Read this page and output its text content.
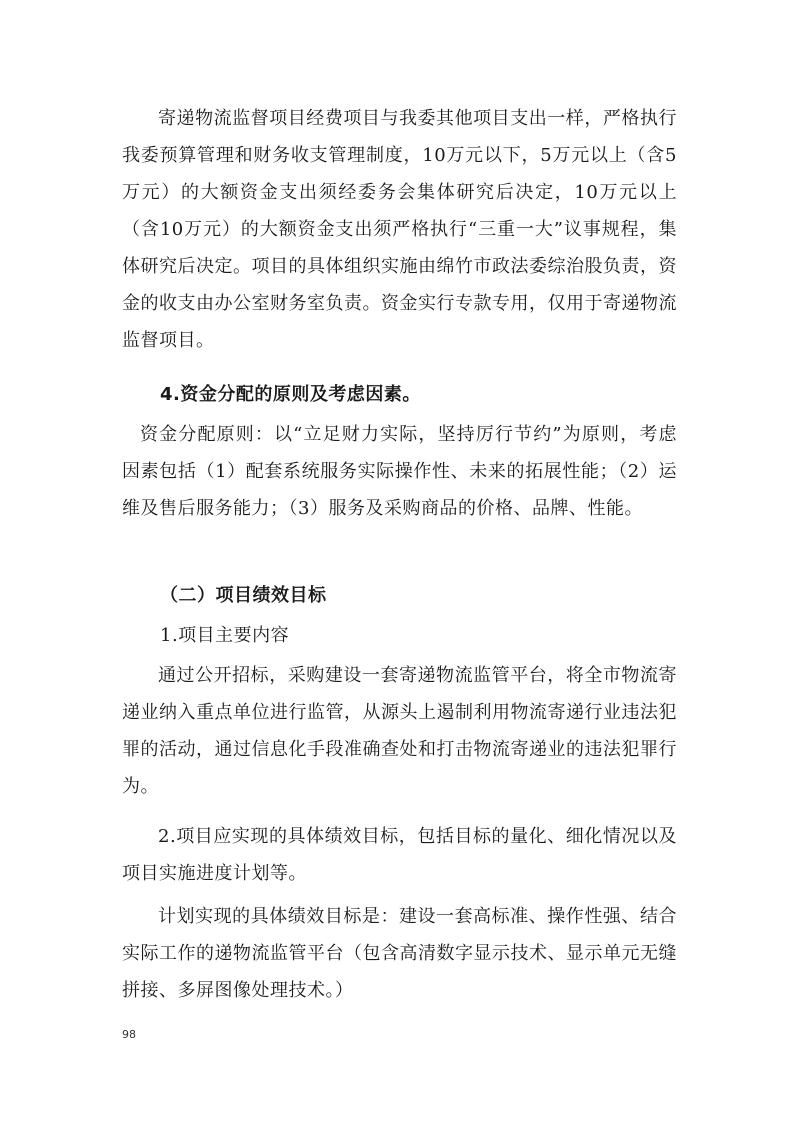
寄递物流监督项目经费项目与我委其他项目支出一样，严格执行我委预算管理和财务收支管理制度，10万元以下，5万元以上（含5万元）的大额资金支出须经委务会集体研究后决定，10万元以上（含10万元）的大额资金支出须严格执行“三重一大”议事规程，集体研究后决定。项目的具体组织实施由绵竹市政法委综治股负责，资金的收支由办公室财务室负责。资金实行专款专用，仅用于寄递物流监督项目。

4.资金分配的原则及考虑因素。

资金分配原则：以“立足财力实际，坚持厉行节约”为原则，考虑因素包括（1）配套系统服务实际操作性、未来的拓展性能；（2）运维及售后服务能力；（3）服务及采购商品的价格、品牌、性能。

（二）项目绩效目标

1.项目主要内容

通过公开招标，采购建设一套寄递物流监管平台，将全市物流寄递业纳入重点单位进行监管，从源头上遏制利用物流寄递行业违法犯罪的活动，通过信息化手段准确查处和打击物流寄递业的违法犯罪行为。

2.项目应实现的具体绩效目标，包括目标的量化、细化情况以及项目实施进度计划等。

计划实现的具体绩效目标是：建设一套高标准、操作性强、结合实际工作的递物流监管平台（包含高清数字显示技术、显示单元无缝拼接、多屏图像处理技术。）

98
